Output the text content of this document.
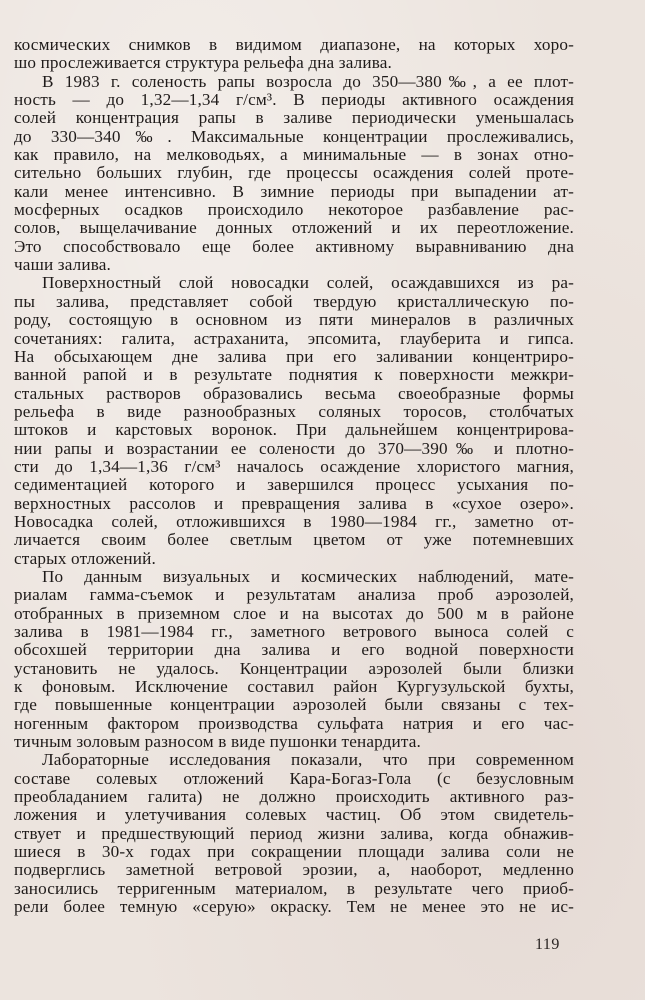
космических снимков в видимом диапазоне, на которых хоро-
шо прослеживается структура рельефа дна залива.

В 1983 г. соленость рапы возросла до 350—380‰, а ее плот-
ность — до 1,32—1,34 г/см³. В периоды активного осаждения
солей концентрация рапы в заливе периодически уменьшалась
до 330—340‰. Максимальные концентрации прослеживались,
как правило, на мелководьях, а минимальные — в зонах отно-
сительно больших глубин, где процессы осаждения солей проте-
кали менее интенсивно. В зимние периоды при выпадении ат-
мосферных осадков происходило некоторое разбавление рас-
солов, выщелачивание донных отложений и их переотложение.
Это способствовало еще более активному выравниванию дна
чаши залива.

Поверхностный слой новосадки солей, осаждавшихся из ра-
пы залива, представляет собой твердую кристаллическую по-
роду, состоящую в основном из пяти минералов в различных
сочетаниях: галита, астраханита, эпсомита, глауберита и гипса.
На обсыхающем дне залива при его заливании концентриро-
ванной рапой и в результате поднятия к поверхности межкри-
стальных растворов образовались весьма своеобразные формы
рельефа в виде разнообразных соляных торосов, столбчатых
штоков и карстовых воронок. При дальнейшем концентрирова-
нии рапы и возрастании ее солености до 370—390‰ и плотно-
сти до 1,34—1,36 г/см³ началось осаждение хлористого магния,
седиментацией которого и завершился процесс усыхания по-
верхностных рассолов и превращения залива в «сухое озеро».
Новосадка солей, отложившихся в 1980—1984 гг., заметно от-
личается своим более светлым цветом от уже потемневших
старых отложений.

По данным визуальных и космических наблюдений, мате-
риалам гамма-съемок и результатам анализа проб аэрозолей,
отобранных в приземном слое и на высотах до 500 м в районе
залива в 1981—1984 гг., заметного ветрового выноса солей с
обсохшей территории дна залива и его водной поверхности
установить не удалось. Концентрации аэрозолей были близки
к фоновым. Исключение составил район Кургузульской бухты,
где повышенные концентрации аэрозолей были связаны с тех-
ногенным фактором производства сульфата натрия и его час-
тичным золовым разносом в виде пушонки тенардита.

Лабораторные исследования показали, что при современном
составе солевых отложений Кара-Богаз-Гола (с безусловным
преобладанием галита) не должно происходить активного раз-
ложения и улетучивания солевых частиц. Об этом свидетель-
ствует и предшествующий период жизни залива, когда обнажив-
шиеся в 30-х годах при сокращении площади залива соли не
подверглись заметной ветровой эрозии, а, наоборот, медленно
заносились терригенным материалом, в результате чего приоб-
рели более темную «серую» окраску. Тем не менее это не ис-

119
